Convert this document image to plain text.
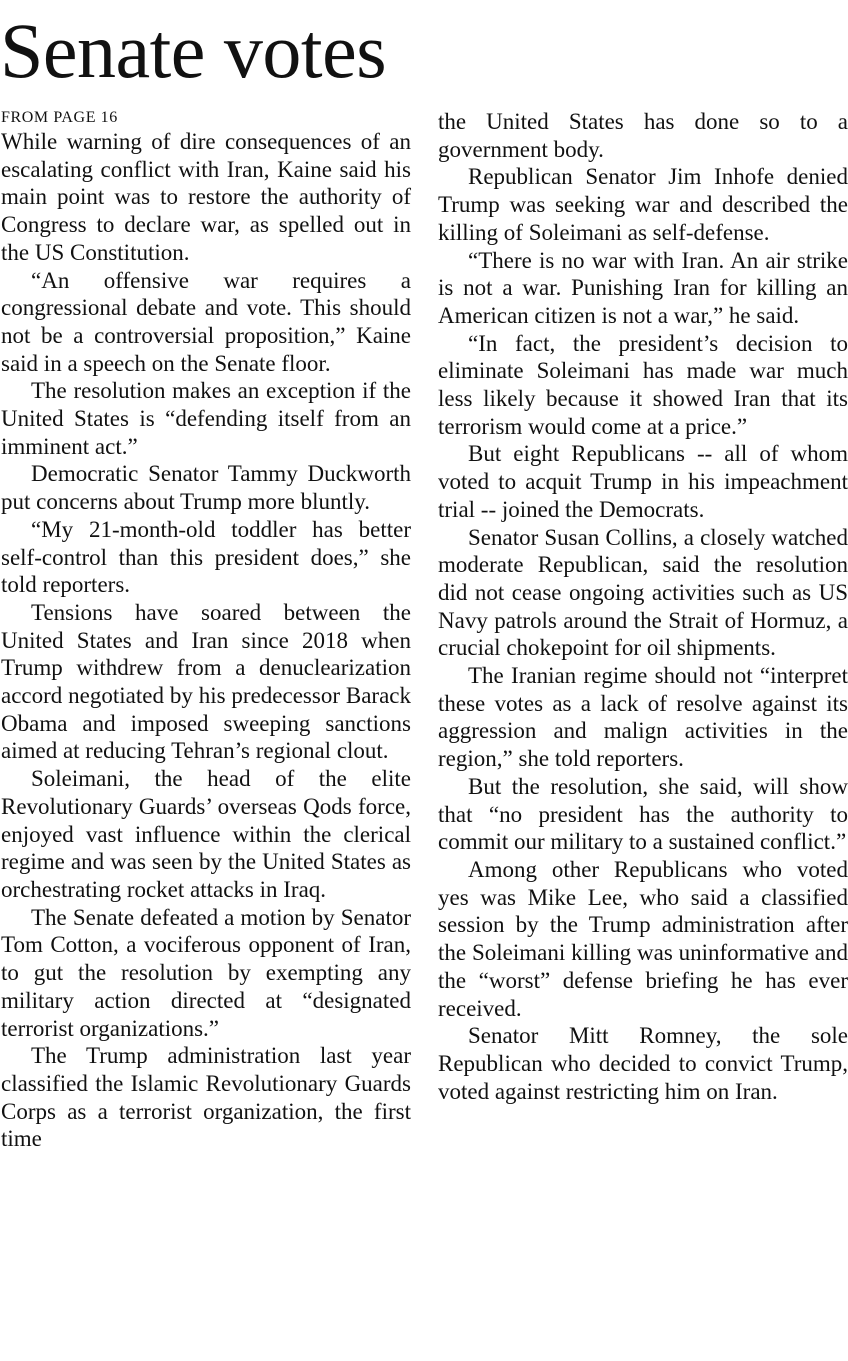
Senate votes

FROM PAGE 16

While warning of dire consequences of an escalating conflict with Iran, Kaine said his main point was to restore the authority of Congress to declare war, as spelled out in the US Constitution.

“An offensive war requires a congressional debate and vote. This should not be a controversial proposition,” Kaine said in a speech on the Senate floor.

The resolution makes an exception if the United States is “defending itself from an imminent act.”

Democratic Senator Tammy Duckworth put concerns about Trump more bluntly.

“My 21-month-old toddler has better self-control than this president does,” she told reporters.

Tensions have soared between the United States and Iran since 2018 when Trump withdrew from a denuclearization accord negotiated by his predecessor Barack Obama and imposed sweeping sanctions aimed at reducing Tehran’s regional clout.

Soleimani, the head of the elite Revolutionary Guards’ overseas Qods force, enjoyed vast influence within the clerical regime and was seen by the United States as orchestrating rocket attacks in Iraq.

The Senate defeated a motion by Senator Tom Cotton, a vociferous opponent of Iran, to gut the resolution by exempting any military action directed at “designated terrorist organizations.”

The Trump administration last year classified the Islamic Revolutionary Guards Corps as a terrorist organization, the first time

the United States has done so to a government body.

Republican Senator Jim Inhofe denied Trump was seeking war and described the killing of Soleimani as self-defense.

“There is no war with Iran. An air strike is not a war. Punishing Iran for killing an American citizen is not a war,” he said.

“In fact, the president’s decision to eliminate Soleimani has made war much less likely because it showed Iran that its terrorism would come at a price.”

But eight Republicans -- all of whom voted to acquit Trump in his impeachment trial -- joined the Democrats.

Senator Susan Collins, a closely watched moderate Republican, said the resolution did not cease ongoing activities such as US Navy patrols around the Strait of Hormuz, a crucial chokepoint for oil shipments.

The Iranian regime should not “interpret these votes as a lack of resolve against its aggression and malign activities in the region,” she told reporters.

But the resolution, she said, will show that “no president has the authority to commit our military to a sustained conflict.”

Among other Republicans who voted yes was Mike Lee, who said a classified session by the Trump administration after the Soleimani killing was uninformative and the “worst” defense briefing he has ever received.

Senator Mitt Romney, the sole Republican who decided to convict Trump, voted against restricting him on Iran.
